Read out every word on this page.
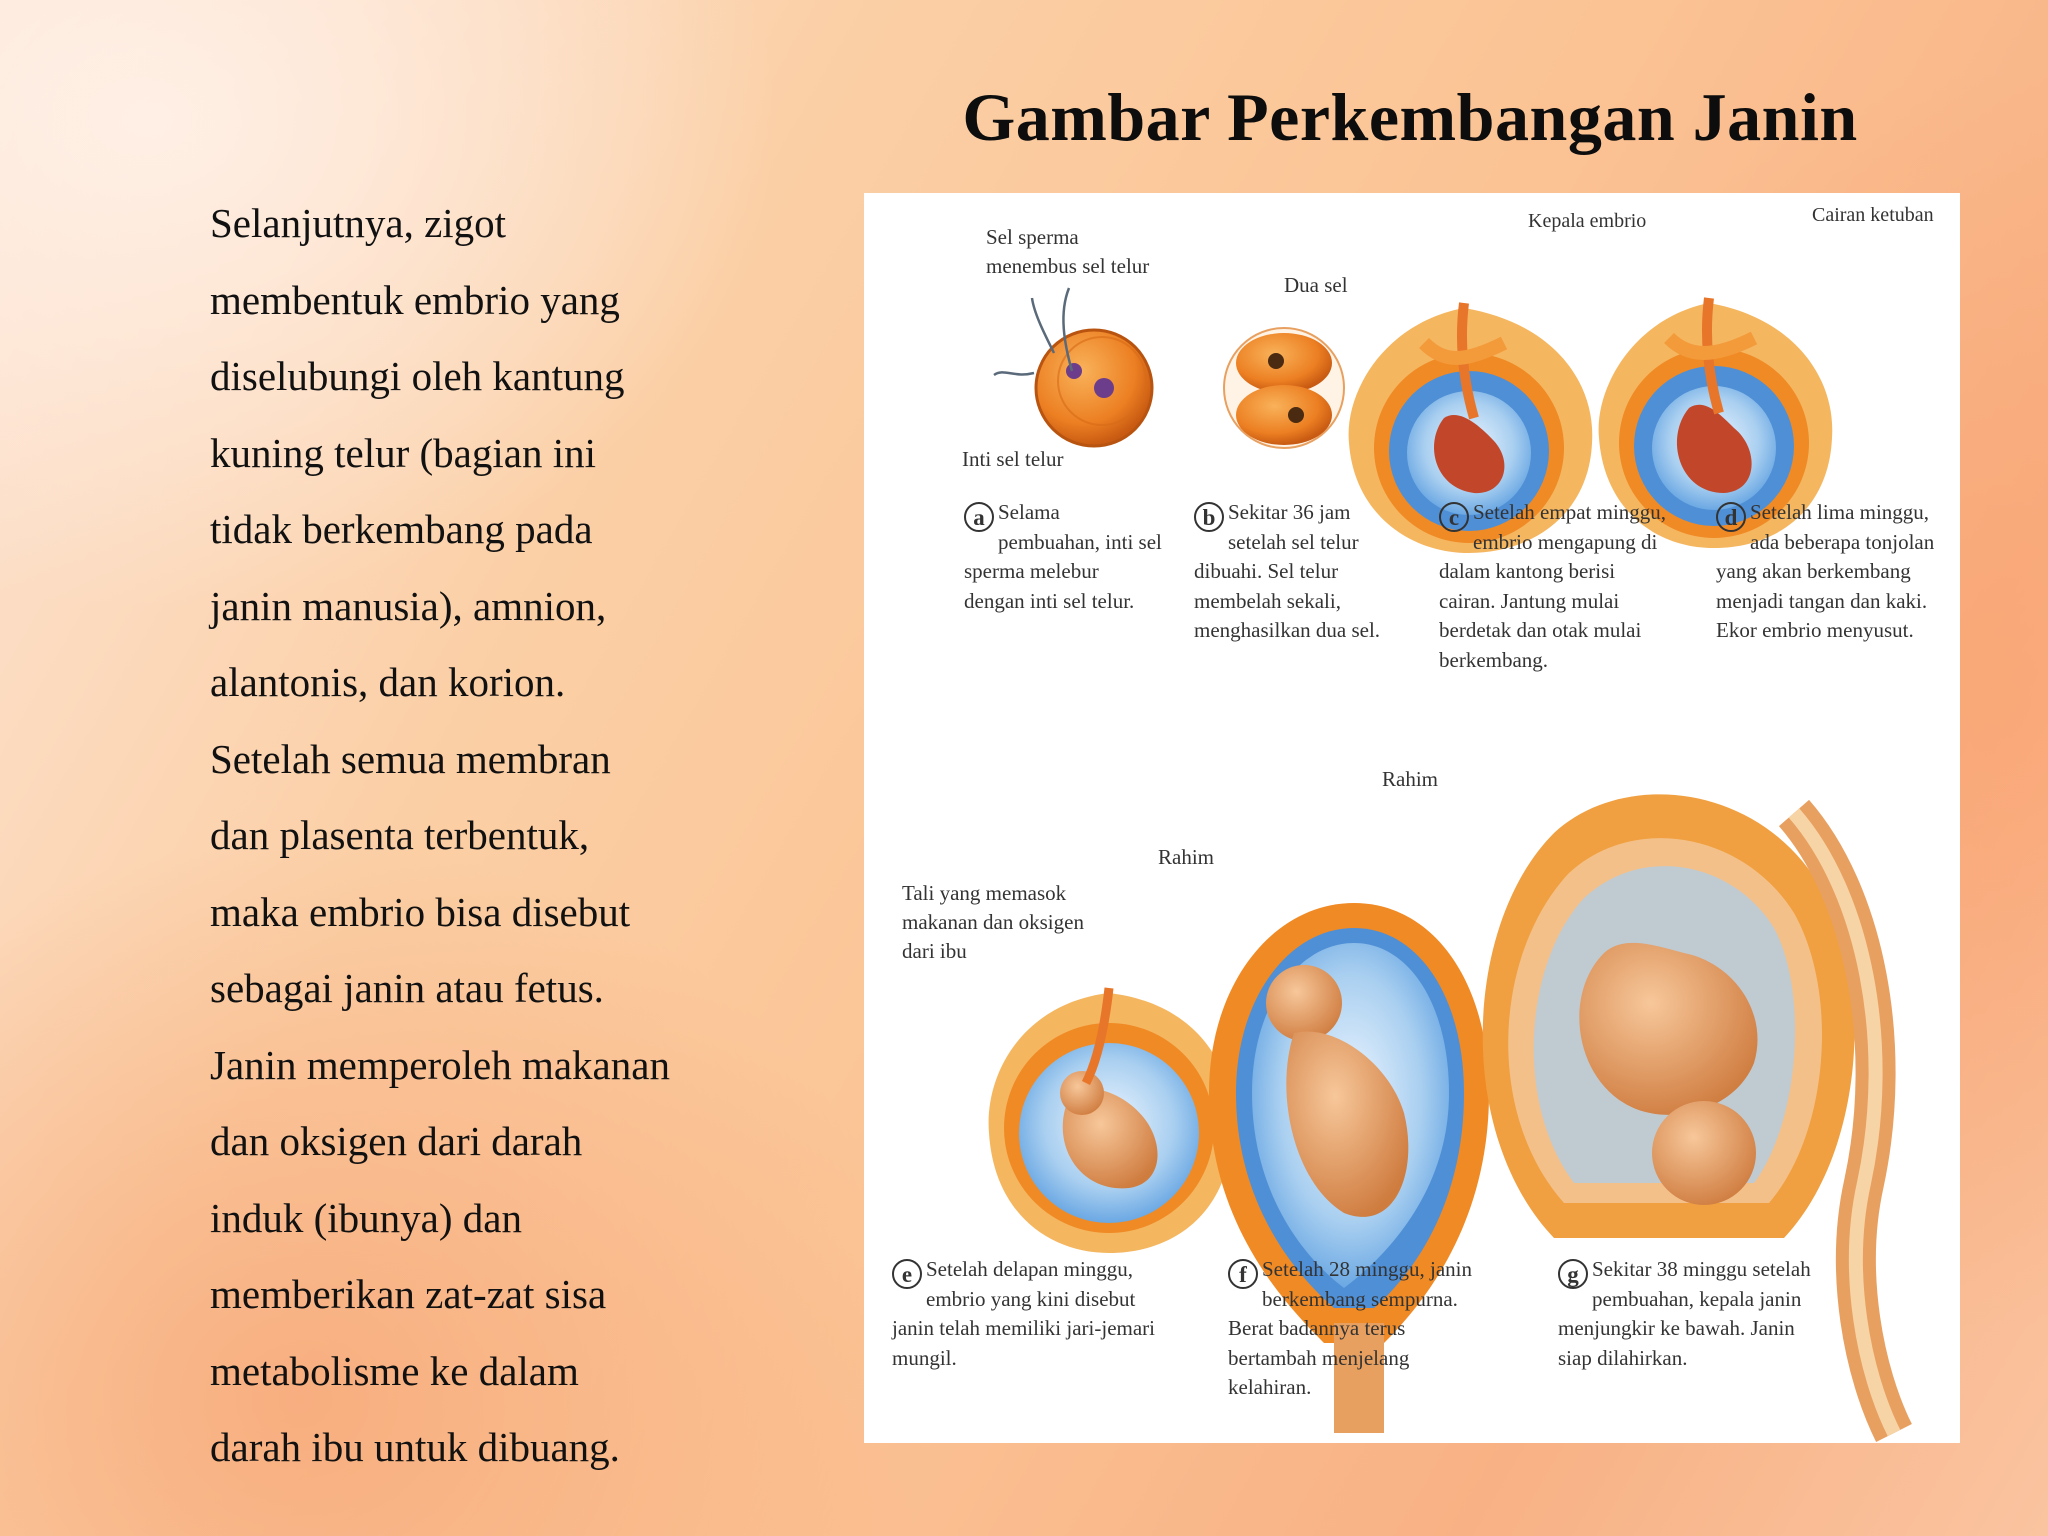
Gambar Perkembangan Janin
Selanjutnya, zigot
membentuk embrio yang
diselubungi oleh kantung
kuning telur (bagian ini
tidak berkembang pada
janin manusia), amnion,
alantonis, dan korion.
Setelah semua membran
dan plasenta terbentuk,
maka embrio bisa disebut
sebagai janin atau fetus.
Janin memperoleh makanan
dan oksigen dari darah
induk (ibunya) dan
memberikan zat-zat sisa
metabolisme ke dalam
darah ibu untuk dibuang.
Sel sperma
menembus sel telur
Inti sel telur
Dua sel
Kepala embrio	Cairan ketuban
Rahim
Rahim
Tali yang memasok
makanan dan oksigen
dari ibu
a Selama pembuahan, inti sel sperma melebur dengan inti sel telur.
b Sekitar 36 jam setelah sel telur dibuahi. Sel telur membelah sekali, menghasilkan dua sel.
c Setelah empat minggu, embrio mengapung di dalam kantong berisi cairan. Jantung mulai berdetak dan otak mulai berkembang.
d Setelah lima minggu, ada beberapa tonjolan yang akan berkembang menjadi tangan dan kaki. Ekor embrio menyusut.
e Setelah delapan minggu, embrio yang kini disebut janin telah memiliki jari-jemari mungil.
f Setelah 28 minggu, janin berkembang sempurna. Berat badannya terus bertambah menjelang kelahiran.
g Sekitar 38 minggu setelah pembuahan, kepala janin menjungkir ke bawah. Janin siap dilahirkan.
